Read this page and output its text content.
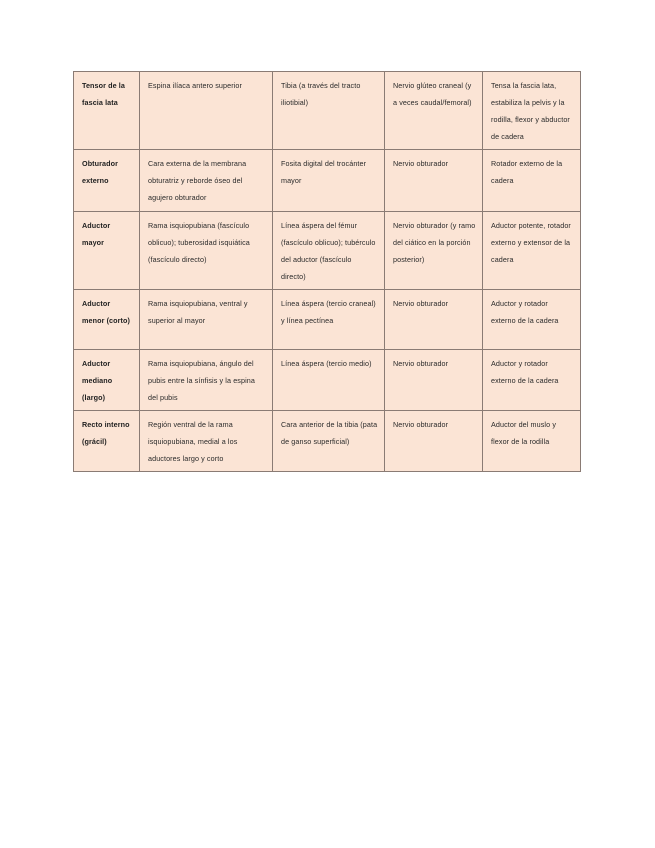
Tensor de la fascia lata	Espina ilíaca antero superior	Tibia (a través del tracto iliotibial)	Nervio glúteo craneal (y a veces caudal/femoral)	Tensa la fascia lata, estabiliza la pelvis y la rodilla, flexor y abductor de cadera
Obturador externo	Cara externa de la membrana obturatriz y reborde óseo del agujero obturador	Fosita digital del trocánter mayor	Nervio obturador	Rotador externo de la cadera
Aductor mayor	Rama isquiopubiana (fascículo oblicuo); tuberosidad isquiática (fascículo directo)	Línea áspera del fémur (fascículo oblicuo); tubérculo del aductor (fascículo directo)	Nervio obturador (y ramo del ciático en la porción posterior)	Aductor potente, rotador externo y extensor de la cadera
Aductor menor (corto)	Rama isquiopubiana, ventral y superior al mayor	Línea áspera (tercio craneal) y línea pectínea	Nervio obturador	Aductor y rotador externo de la cadera
Aductor mediano (largo)	Rama isquiopubiana, ángulo del pubis entre la sínfisis y la espina del pubis	Línea áspera (tercio medio)	Nervio obturador	Aductor y rotador externo de la cadera
Recto interno (grácil)	Región ventral de la rama isquiopubiana, medial a los aductores largo y corto	Cara anterior de la tibia (pata de ganso superficial)	Nervio obturador	Aductor del muslo y flexor de la rodilla
